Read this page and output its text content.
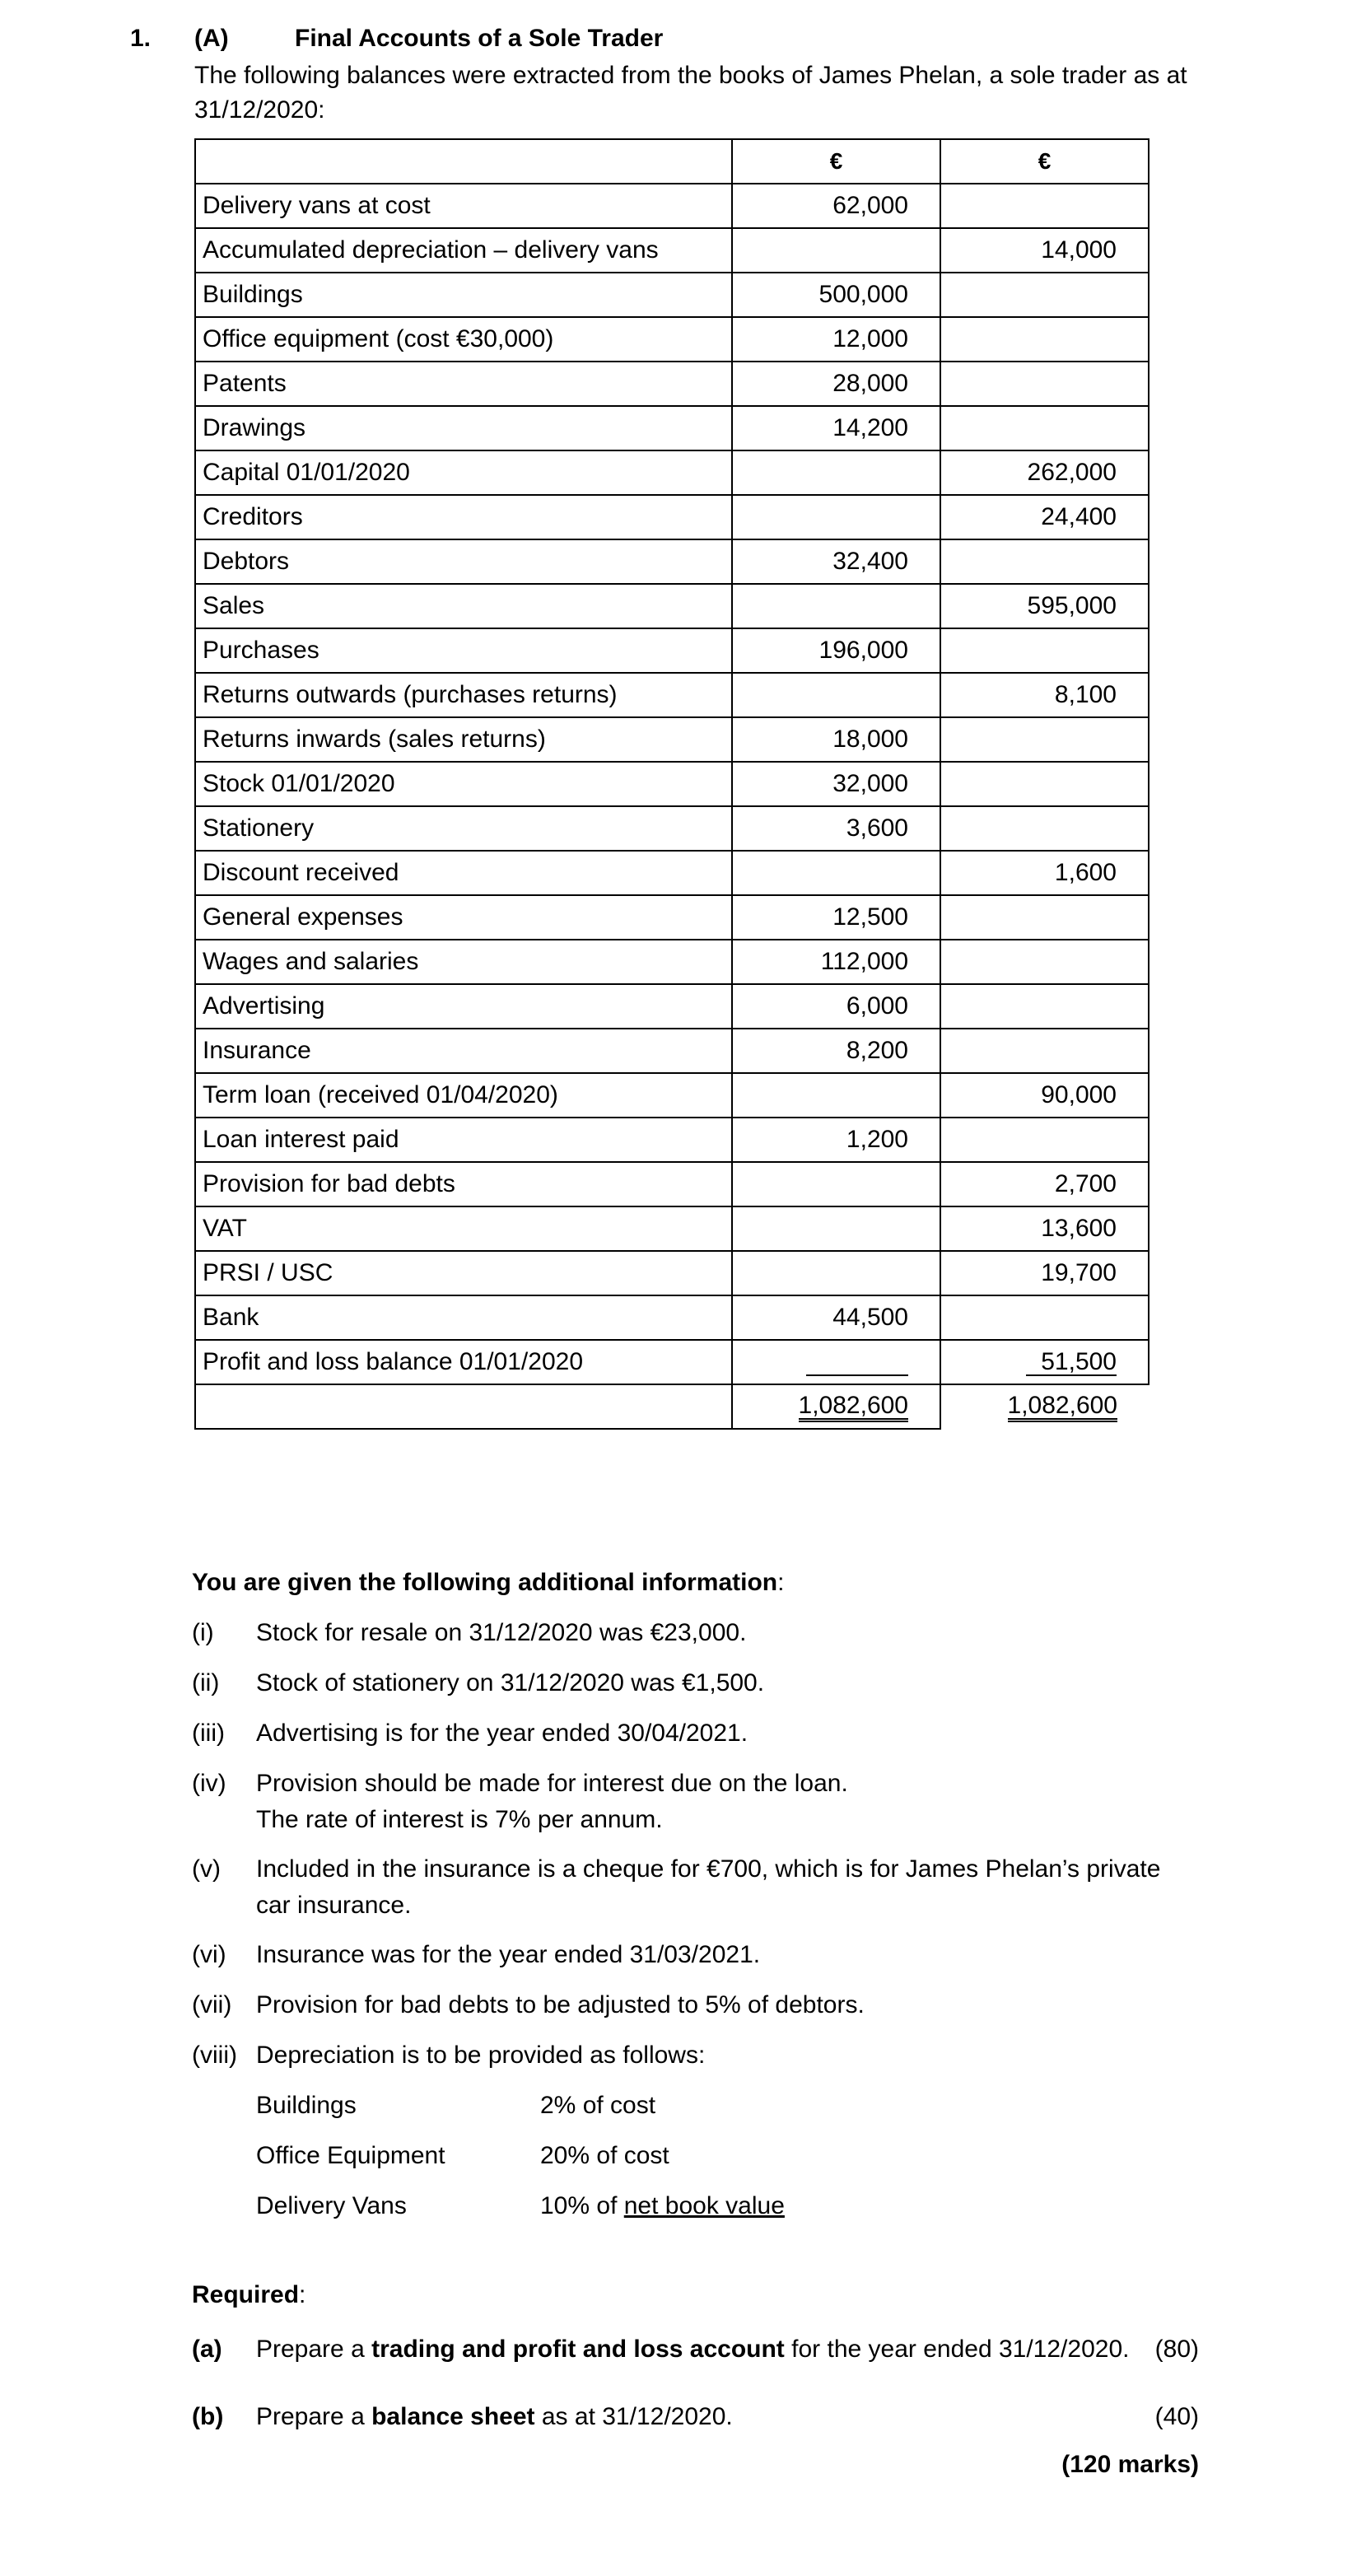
1. (A)	Final Accounts of a Sole Trader
The following balances were extracted from the books of James Phelan, a sole trader as at
31/12/2020:
	€	€
Delivery vans at cost	62,000	
Accumulated depreciation – delivery vans		14,000
Buildings	500,000	
Office equipment (cost €30,000)	12,000	
Patents	28,000	
Drawings	14,200	
Capital 01/01/2020		262,000
Creditors		24,400
Debtors	32,400	
Sales		595,000
Purchases	196,000	
Returns outwards (purchases returns)		8,100
Returns inwards (sales returns)	18,000	
Stock 01/01/2020	32,000	
Stationery	3,600	
Discount received		1,600
General expenses	12,500	
Wages and salaries	112,000	
Advertising	6,000	
Insurance	8,200	
Term loan (received 01/04/2020)		90,000
Loan interest paid	1,200	
Provision for bad debts		2,700
VAT		13,600
PRSI / USC		19,700
Bank	44,500	
Profit and loss balance 01/01/2020		51,500
	1,082,600	1,082,600
You are given the following additional information:
(i) Stock for resale on 31/12/2020 was €23,000.
(ii) Stock of stationery on 31/12/2020 was €1,500.
(iii) Advertising is for the year ended 30/04/2021.
(iv) Provision should be made for interest due on the loan.
The rate of interest is 7% per annum.
(v) Included in the insurance is a cheque for €700, which is for James Phelan’s private
car insurance.
(vi) Insurance was for the year ended 31/03/2021.
(vii) Provision for bad debts to be adjusted to 5% of debtors.
(viii) Depreciation is to be provided as follows:
Buildings	2% of cost
Office Equipment	20% of cost
Delivery Vans	10% of net book value
Required:
(a) Prepare a trading and profit and loss account for the year ended 31/12/2020. (80)
(b) Prepare a balance sheet as at 31/12/2020.	(40)
(120 marks)
